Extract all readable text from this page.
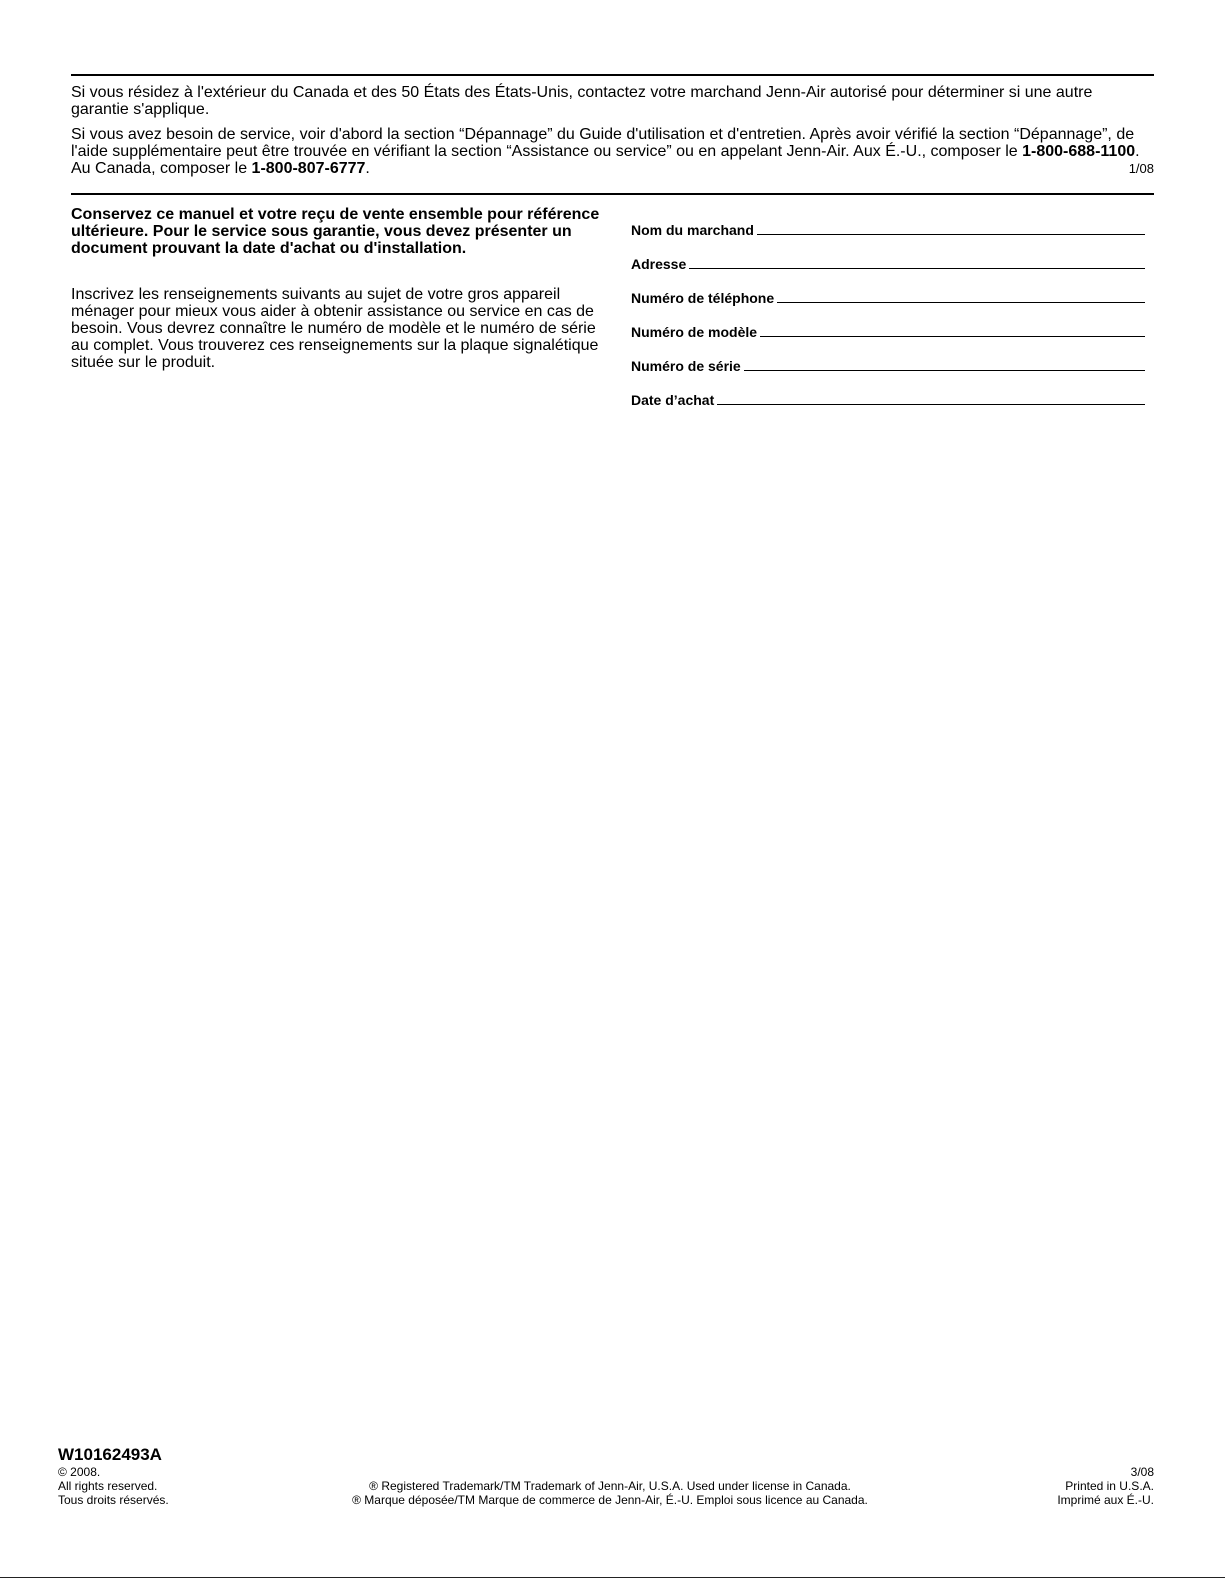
Si vous résidez à l'extérieur du Canada et des 50 États des États-Unis, contactez votre marchand Jenn-Air autorisé pour déterminer si une autre garantie s'applique.

Si vous avez besoin de service, voir d'abord la section “Dépannage” du Guide d'utilisation et d'entretien. Après avoir vérifié la section “Dépannage”, de l'aide supplémentaire peut être trouvée en vérifiant la section “Assistance ou service” ou en appelant Jenn-Air. Aux É.-U., composer le 1-800-688-1100. Au Canada, composer le 1-800-807-6777.	1/08

Conservez ce manuel et votre reçu de vente ensemble pour référence ultérieure. Pour le service sous garantie, vous devez présenter un document prouvant la date d'achat ou d'installation.

Inscrivez les renseignements suivants au sujet de votre gros appareil ménager pour mieux vous aider à obtenir assistance ou service en cas de besoin. Vous devrez connaître le numéro de modèle et le numéro de série au complet. Vous trouverez ces renseignements sur la plaque signalétique située sur le produit.

Nom du marchand
Adresse
Numéro de téléphone
Numéro de modèle
Numéro de série
Date d’achat

W10162493A

© 2008.
All rights reserved.
Tous droits réservés.

® Registered Trademark/TM Trademark of Jenn-Air, U.S.A. Used under license in Canada.
® Marque déposée/TM Marque de commerce de Jenn-Air, É.-U. Emploi sous licence au Canada.

3/08
Printed in U.S.A.
Imprimé aux É.-U.
